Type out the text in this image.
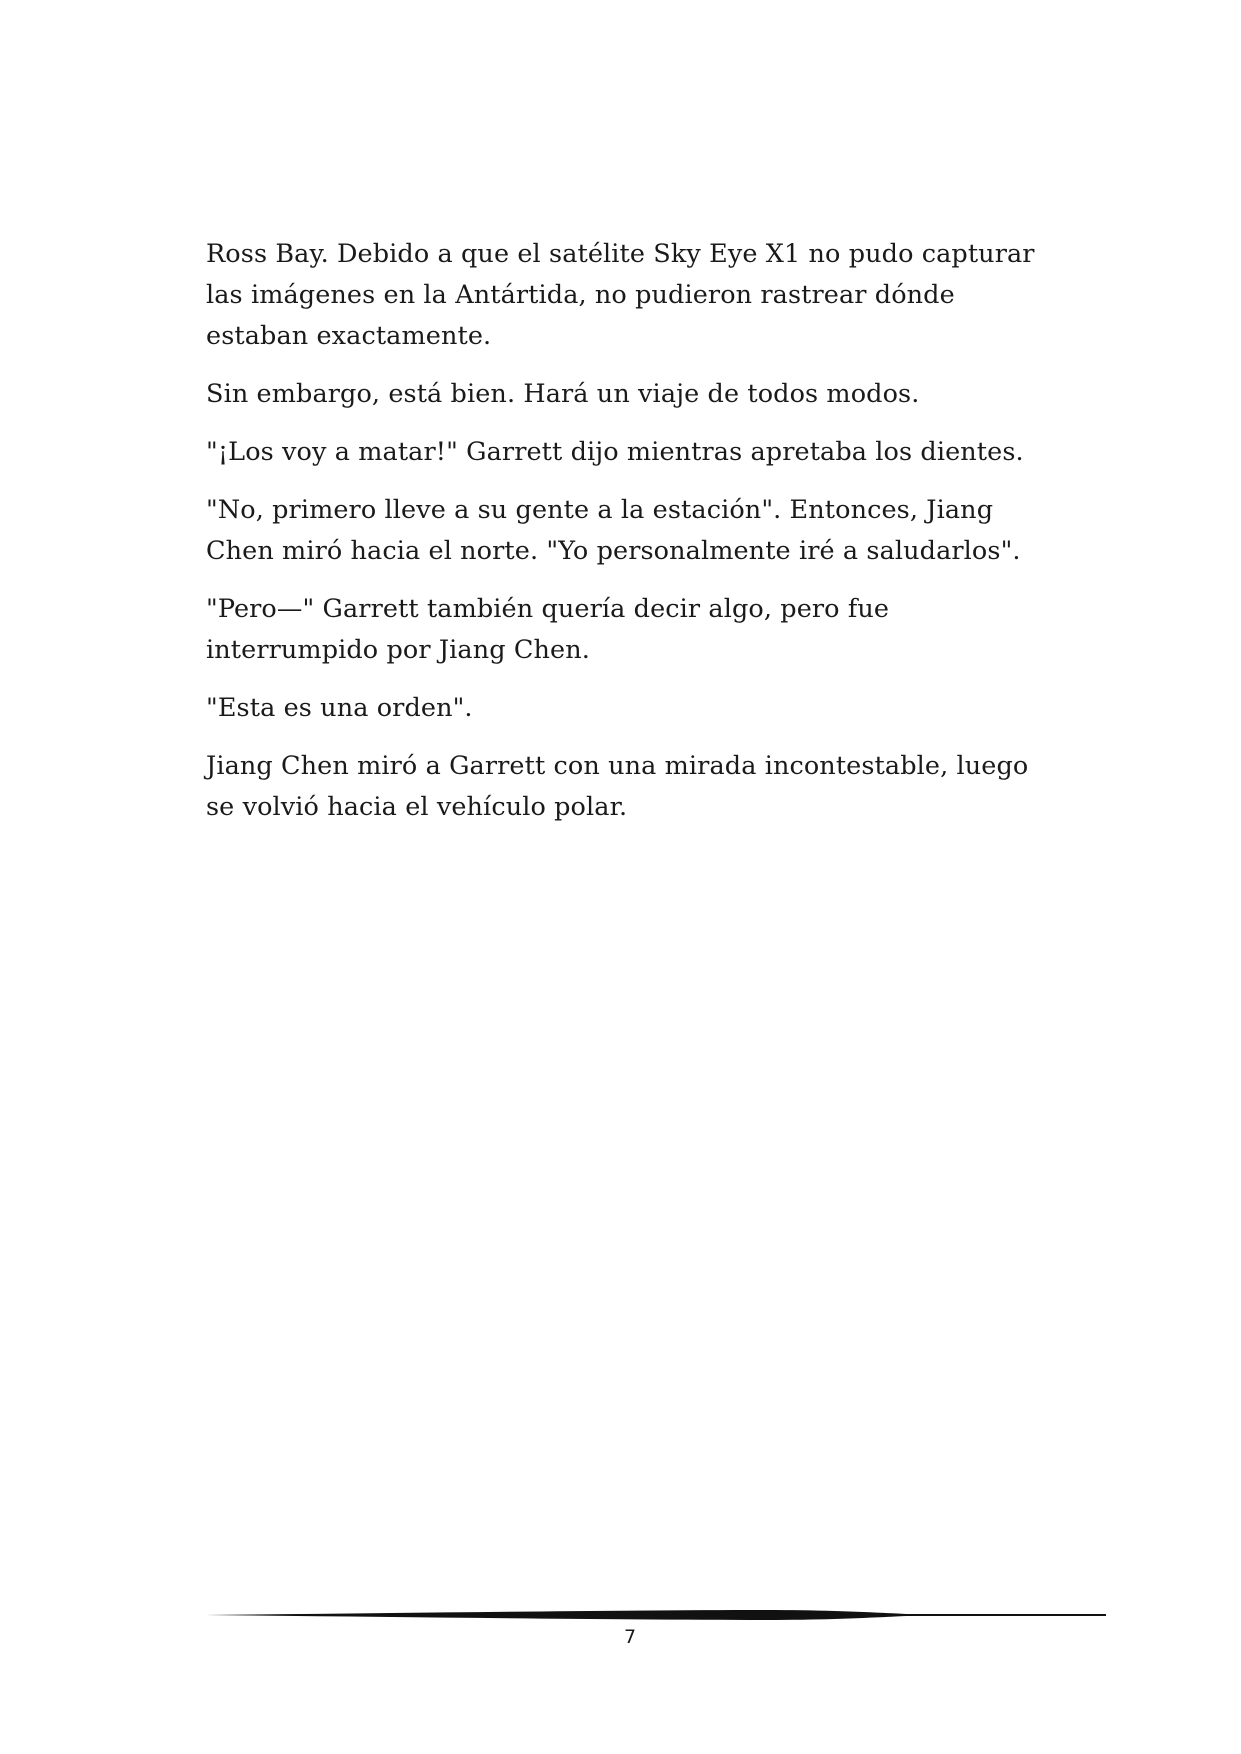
Ross Bay. Debido a que el satélite Sky Eye X1 no pudo capturar las imágenes en la Antártida, no pudieron rastrear dónde estaban exactamente.

Sin embargo, está bien. Hará un viaje de todos modos.

"¡Los voy a matar!" Garrett dijo mientras apretaba los dientes.

"No, primero lleve a su gente a la estación". Entonces, Jiang Chen miró hacia el norte. "Yo personalmente iré a saludarlos".

"Pero—" Garrett también quería decir algo, pero fue interrumpido por Jiang Chen.

"Esta es una orden".

Jiang Chen miró a Garrett con una mirada incontestable, luego se volvió hacia el vehículo polar.

7
